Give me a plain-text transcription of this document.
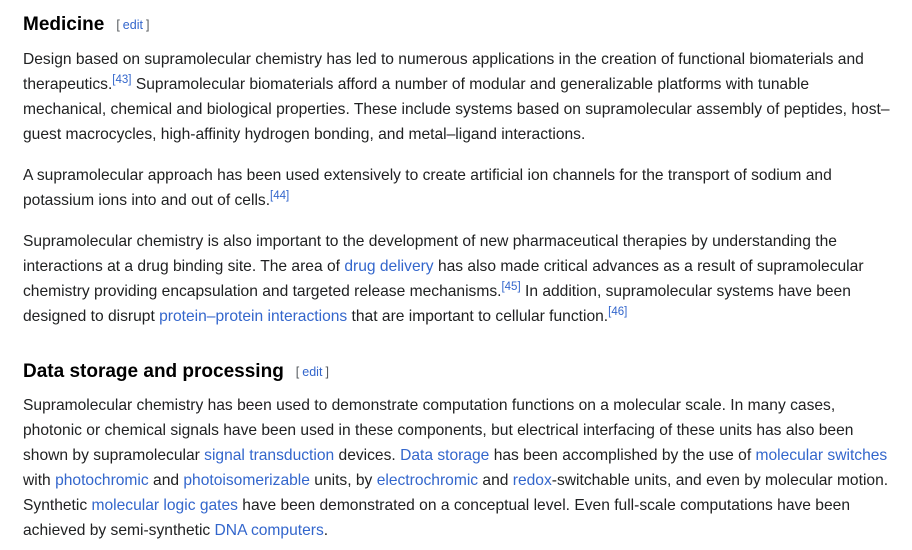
Medicine [ edit ]

Design based on supramolecular chemistry has led to numerous applications in the creation of functional biomaterials and therapeutics.[43] Supramolecular biomaterials afford a number of modular and generalizable platforms with tunable mechanical, chemical and biological properties. These include systems based on supramolecular assembly of peptides, host–guest macrocycles, high-affinity hydrogen bonding, and metal–ligand interactions.

A supramolecular approach has been used extensively to create artificial ion channels for the transport of sodium and potassium ions into and out of cells.[44]

Supramolecular chemistry is also important to the development of new pharmaceutical therapies by understanding the interactions at a drug binding site. The area of drug delivery has also made critical advances as a result of supramolecular chemistry providing encapsulation and targeted release mechanisms.[45] In addition, supramolecular systems have been designed to disrupt protein–protein interactions that are important to cellular function.[46]

Data storage and processing [ edit ]

Supramolecular chemistry has been used to demonstrate computation functions on a molecular scale. In many cases, photonic or chemical signals have been used in these components, but electrical interfacing of these units has also been shown by supramolecular signal transduction devices. Data storage has been accomplished by the use of molecular switches with photochromic and photoisomerizable units, by electrochromic and redox-switchable units, and even by molecular motion. Synthetic molecular logic gates have been demonstrated on a conceptual level. Even full-scale computations have been achieved by semi-synthetic DNA computers.
